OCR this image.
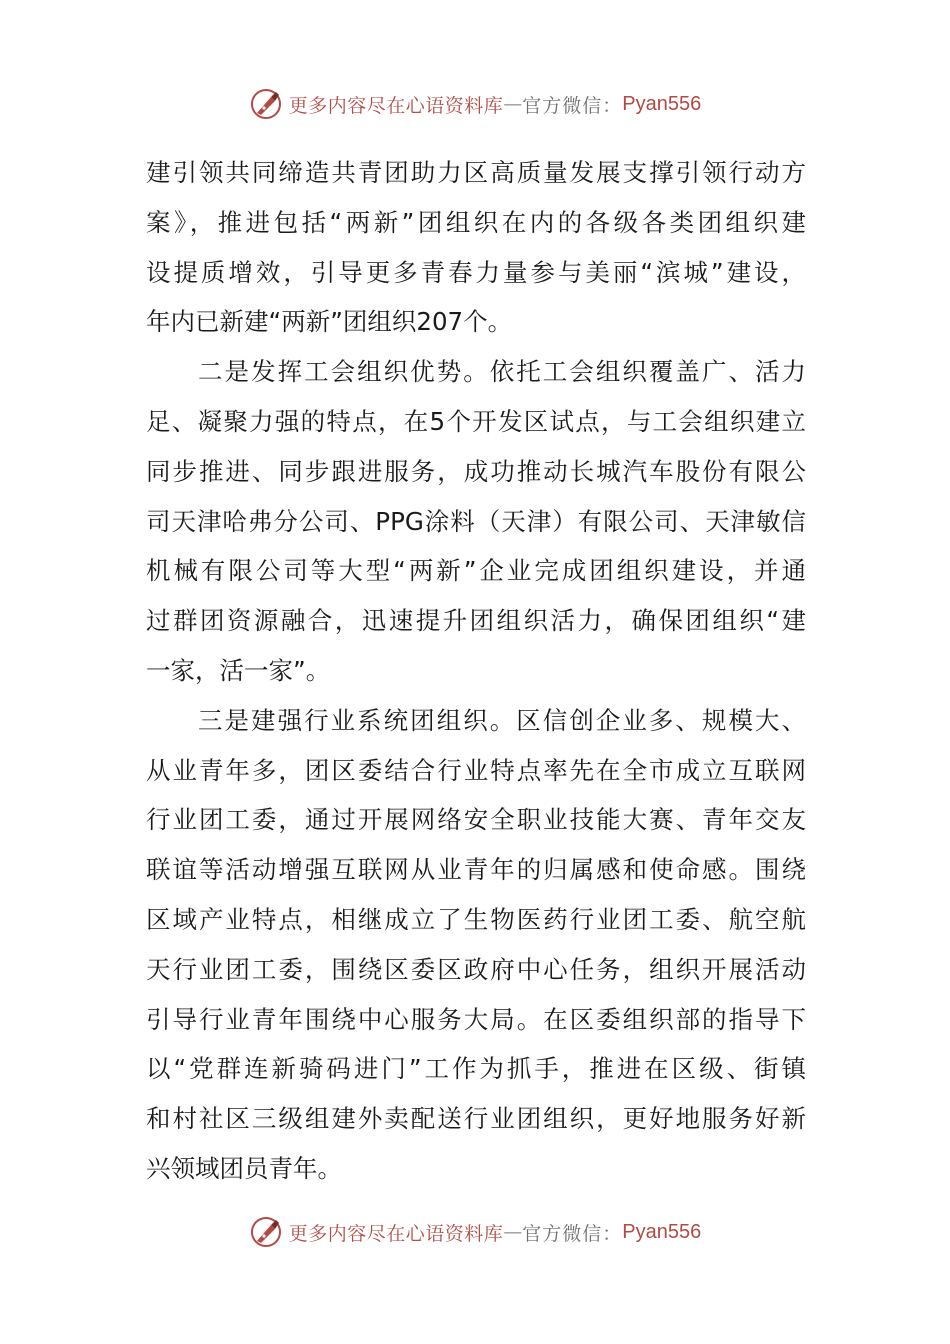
更多内容尽在心语资料库 — 官方微信： Pyan556
建引领共同缔造共青团助力区高质量发展支撑引领行动方
案》，推进包括“两新”团组织在内的各级各类团组织建
设提质增效，引导更多青春力量参与美丽“滨城”建设，
年内已新建“两新”团组织207个。
二是发挥工会组织优势。依托工会组织覆盖广、活力
足、凝聚力强的特点，在5个开发区试点，与工会组织建立
同步推进、同步跟进服务，成功推动长城汽车股份有限公
司天津哈弗分公司、PPG涂料（天津）有限公司、天津敏信
机械有限公司等大型“两新”企业完成团组织建设，并通
过群团资源融合，迅速提升团组织活力，确保团组织“建
一家，活一家”。
三是建强行业系统团组织。区信创企业多、规模大、
从业青年多，团区委结合行业特点率先在全市成立互联网
行业团工委，通过开展网络安全职业技能大赛、青年交友
联谊等活动增强互联网从业青年的归属感和使命感。围绕
区域产业特点，相继成立了生物医药行业团工委、航空航
天行业团工委，围绕区委区政府中心任务，组织开展活动
引导行业青年围绕中心服务大局。在区委组织部的指导下
以“党群连新骑码进门”工作为抓手，推进在区级、街镇
和村社区三级组建外卖配送行业团组织，更好地服务好新
兴领域团员青年。
更多内容尽在心语资料库 — 官方微信： Pyan556
